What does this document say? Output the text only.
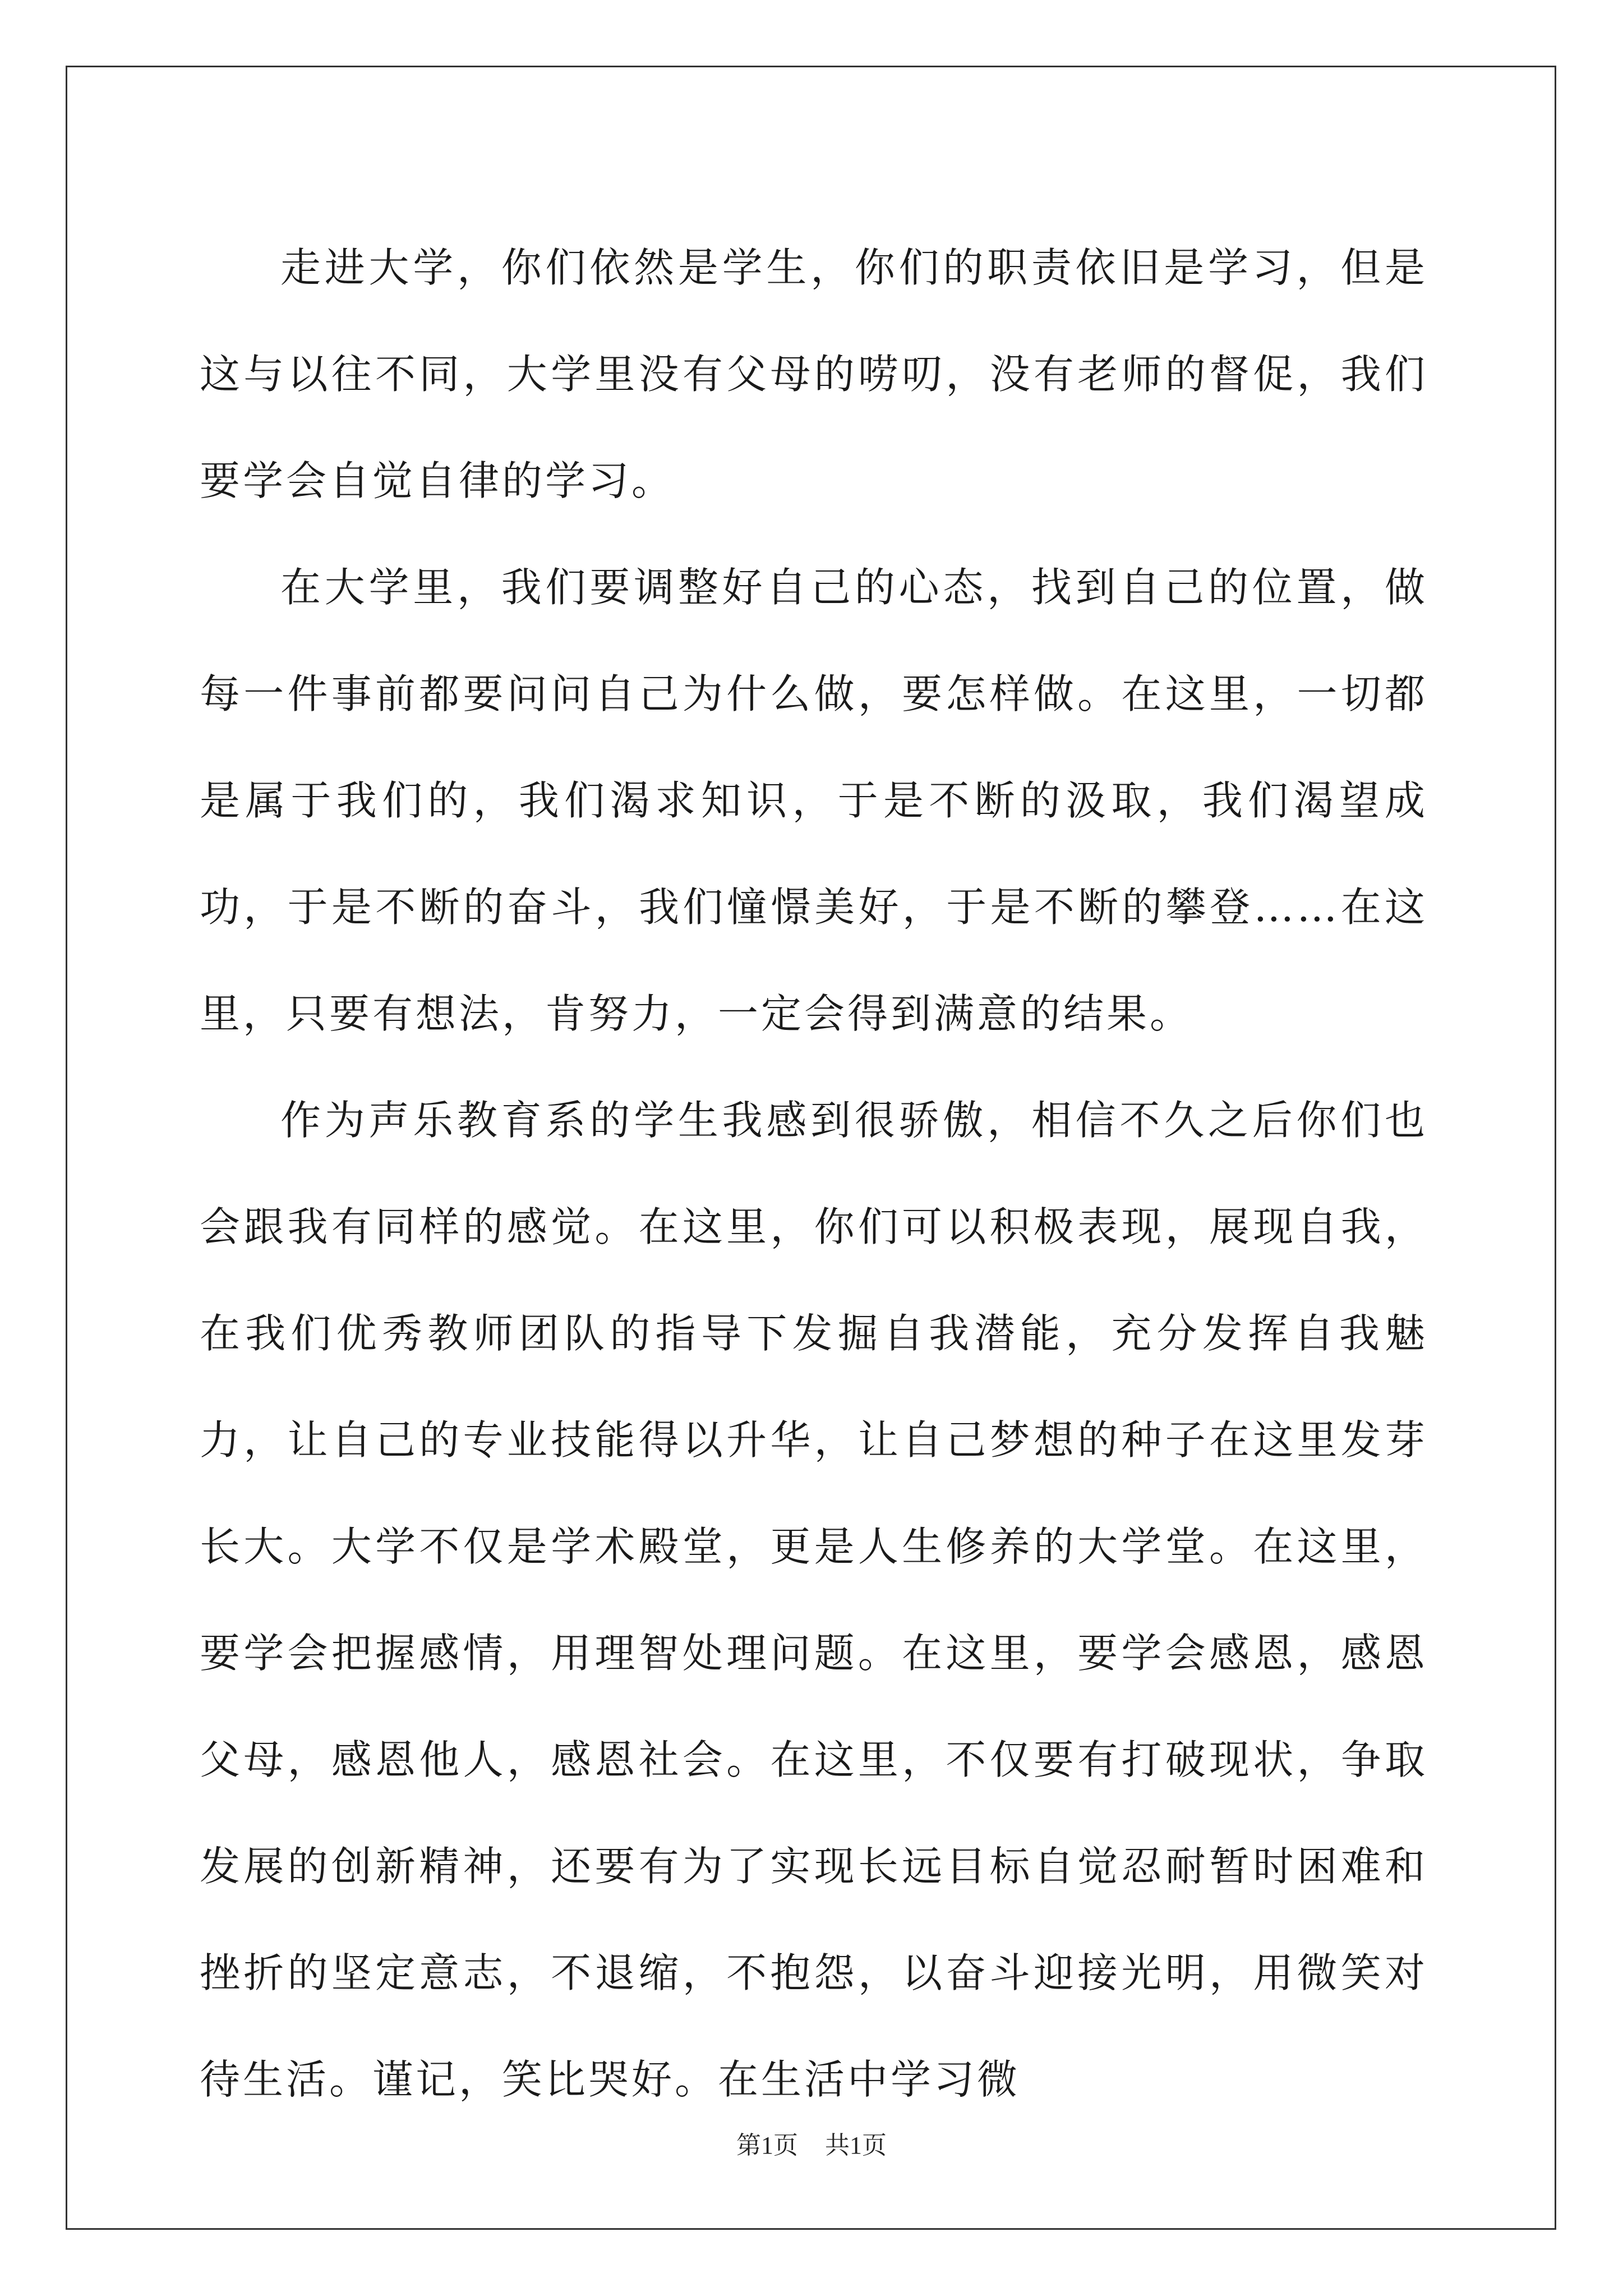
走进大学，你们依然是学生，你们的职责依旧是学习，但是这与以往不同，大学里没有父母的唠叨，没有老师的督促，我们要学会自觉自律的学习。

在大学里，我们要调整好自己的心态，找到自己的位置，做每一件事前都要问问自己为什么做，要怎样做。在这里，一切都是属于我们的，我们渴求知识，于是不断的汲取，我们渴望成功，于是不断的奋斗，我们憧憬美好，于是不断的攀登……在这里，只要有想法，肯努力，一定会得到满意的结果。

作为声乐教育系的学生我感到很骄傲，相信不久之后你们也会跟我有同样的感觉。在这里，你们可以积极表现，展现自我，在我们优秀教师团队的指导下发掘自我潜能，充分发挥自我魅力，让自己的专业技能得以升华，让自己梦想的种子在这里发芽长大。大学不仅是学术殿堂，更是人生修养的大学堂。在这里，要学会把握感情，用理智处理问题。在这里，要学会感恩，感恩父母，感恩他人，感恩社会。在这里，不仅要有打破现状，争取发展的创新精神，还要有为了实现长远目标自觉忍耐暂时困难和挫折的坚定意志，不退缩，不抱怨，以奋斗迎接光明，用微笑对待生活。谨记，笑比哭好。在生活中学习微

第1页 共1页
